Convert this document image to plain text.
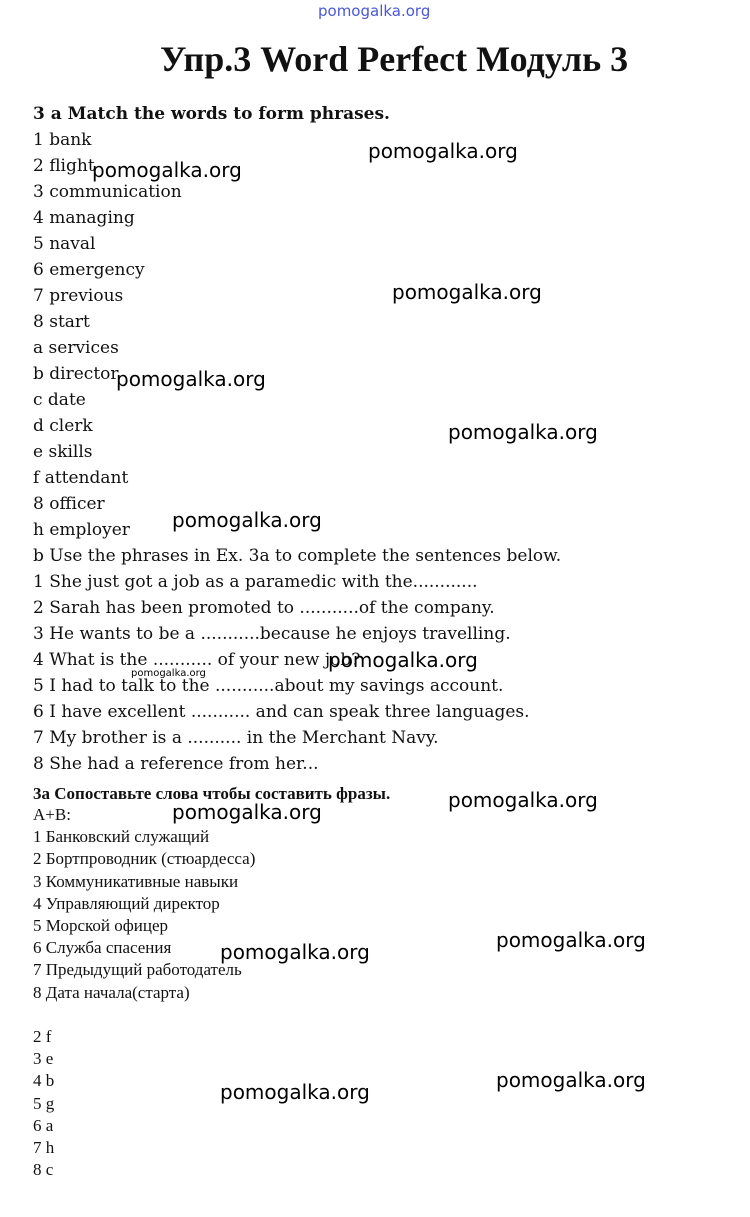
pomogalka.org
Упр.3 Word Perfect Модуль 3
3 a Match the words to form phrases.
1 bank
2 flight
3 communication
4 managing
5 naval
6 emergency
7 previous
8 start
a services
b director
c date
d clerk
e skills
f attendant
8 officer
h employer
b Use the phrases in Ex. 3a to complete the sentences below.
1 She just got a job as a paramedic with the............
2 Sarah has been promoted to ...........of the company.
3 He wants to be a ...........because he enjoys travelling.
4 What is the ........... of your new job?
5 I had to talk to the ...........about my savings account.
6 I have excellent ........... and can speak three languages.
7 My brother is a .......... in the Merchant Navy.
8 She had a reference from her...
3a Сопоставьте слова чтобы составить фразы.
A+B:
1 Банковский служащий
2 Бортпроводник (стюардесса)
3 Коммуникативные навыки
4 Управляющий директор
5 Морской офицер
6 Служба спасения
7 Предыдущий работодатель
8 Дата начала(старта)
2 f
3 e
4 b
5 g
6 a
7 h
8 c
pomogalka.org
pomogalka.org
pomogalka.org
pomogalka.org
pomogalka.org
pomogalka.org
pomogalka.org
pomogalka.org
pomogalka.org
pomogalka.org
pomogalka.org
pomogalka.org
pomogalka.org
pomogalka.org
